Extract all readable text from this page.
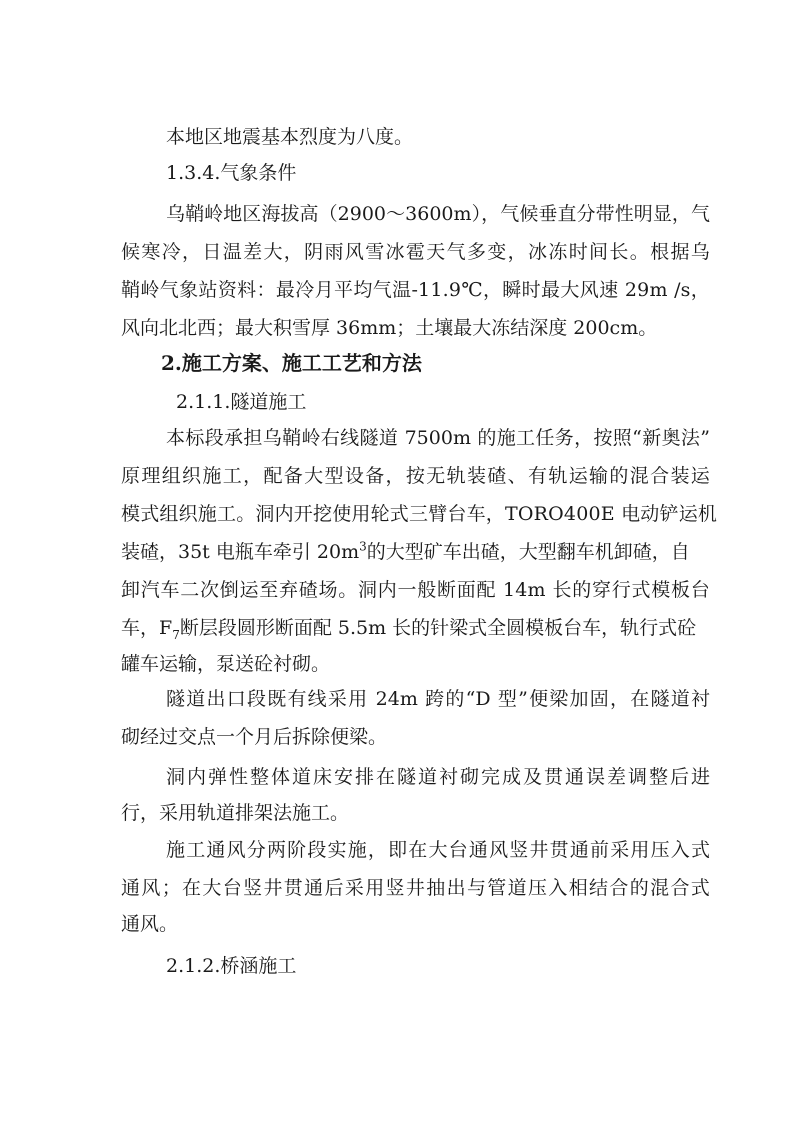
本地区地震基本烈度为八度。
1.3.4.气象条件
乌鞘岭地区海拔高（2900～3600m），气候垂直分带性明显，气
候寒冷，日温差大，阴雨风雪冰雹天气多变，冰冻时间长。根据乌
鞘岭气象站资料：最冷月平均气温-11.9℃，瞬时最大风速 29m /s，
风向北北西；最大积雪厚 36mm；土壤最大冻结深度 200cm。
2.施工方案、施工工艺和方法
2.1.1.隧道施工
本标段承担乌鞘岭右线隧道 7500m 的施工任务，按照“新奥法”
原理组织施工，配备大型设备，按无轨装碴、有轨运输的混合装运
模式组织施工。洞内开挖使用轮式三臂台车，TORO400E 电动铲运机
装碴，35t 电瓶车牵引 $20m^3$的大型矿车出碴，大型翻车机卸碴，自
卸汽车二次倒运至弃碴场。洞内一般断面配 14m 长的穿行式模板台
车，$F_7$断层段圆形断面配 5.5m 长的针梁式全圆模板台车，轨行式砼
罐车运输，泵送砼衬砌。
隧道出口段既有线采用 24m 跨的“D 型”便梁加固，在隧道衬
砌经过交点一个月后拆除便梁。
洞内弹性整体道床安排在隧道衬砌完成及贯通误差调整后进
行，采用轨道排架法施工。
施工通风分两阶段实施，即在大台通风竖井贯通前采用压入式
通风；在大台竖井贯通后采用竖井抽出与管道压入相结合的混合式
通风。
2.1.2.桥涵施工
